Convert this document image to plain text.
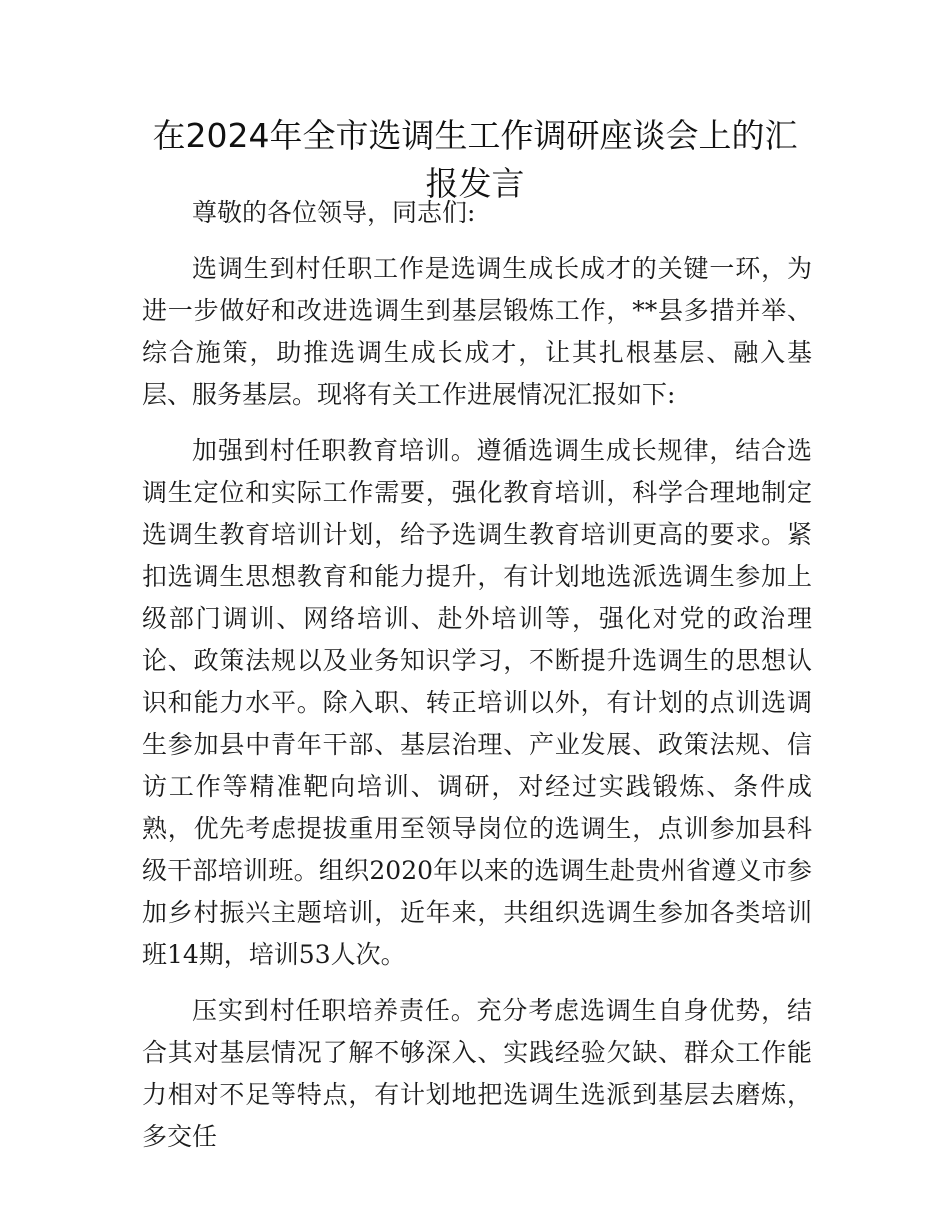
在2024年全市选调生工作调研座谈会上的汇报发言

尊敬的各位领导，同志们:

选调生到村任职工作是选调生成长成才的关键一环，为进一步做好和改进选调生到基层锻炼工作，**县多措并举、综合施策，助推选调生成长成才，让其扎根基层、融入基层、服务基层。现将有关工作进展情况汇报如下:

加强到村任职教育培训。遵循选调生成长规律，结合选调生定位和实际工作需要，强化教育培训，科学合理地制定选调生教育培训计划，给予选调生教育培训更高的要求。紧扣选调生思想教育和能力提升，有计划地选派选调生参加上级部门调训、网络培训、赴外培训等，强化对党的政治理论、政策法规以及业务知识学习，不断提升选调生的思想认识和能力水平。除入职、转正培训以外，有计划的点训选调生参加县中青年干部、基层治理、产业发展、政策法规、信访工作等精准靶向培训、调研，对经过实践锻炼、条件成熟，优先考虑提拔重用至领导岗位的选调生，点训参加县科级干部培训班。组织2020年以来的选调生赴贵州省遵义市参加乡村振兴主题培训，近年来，共组织选调生参加各类培训班14期，培训53人次。

压实到村任职培养责任。充分考虑选调生自身优势，结合其对基层情况了解不够深入、实践经验欠缺、群众工作能力相对不足等特点，有计划地把选调生选派到基层去磨炼，多交任
